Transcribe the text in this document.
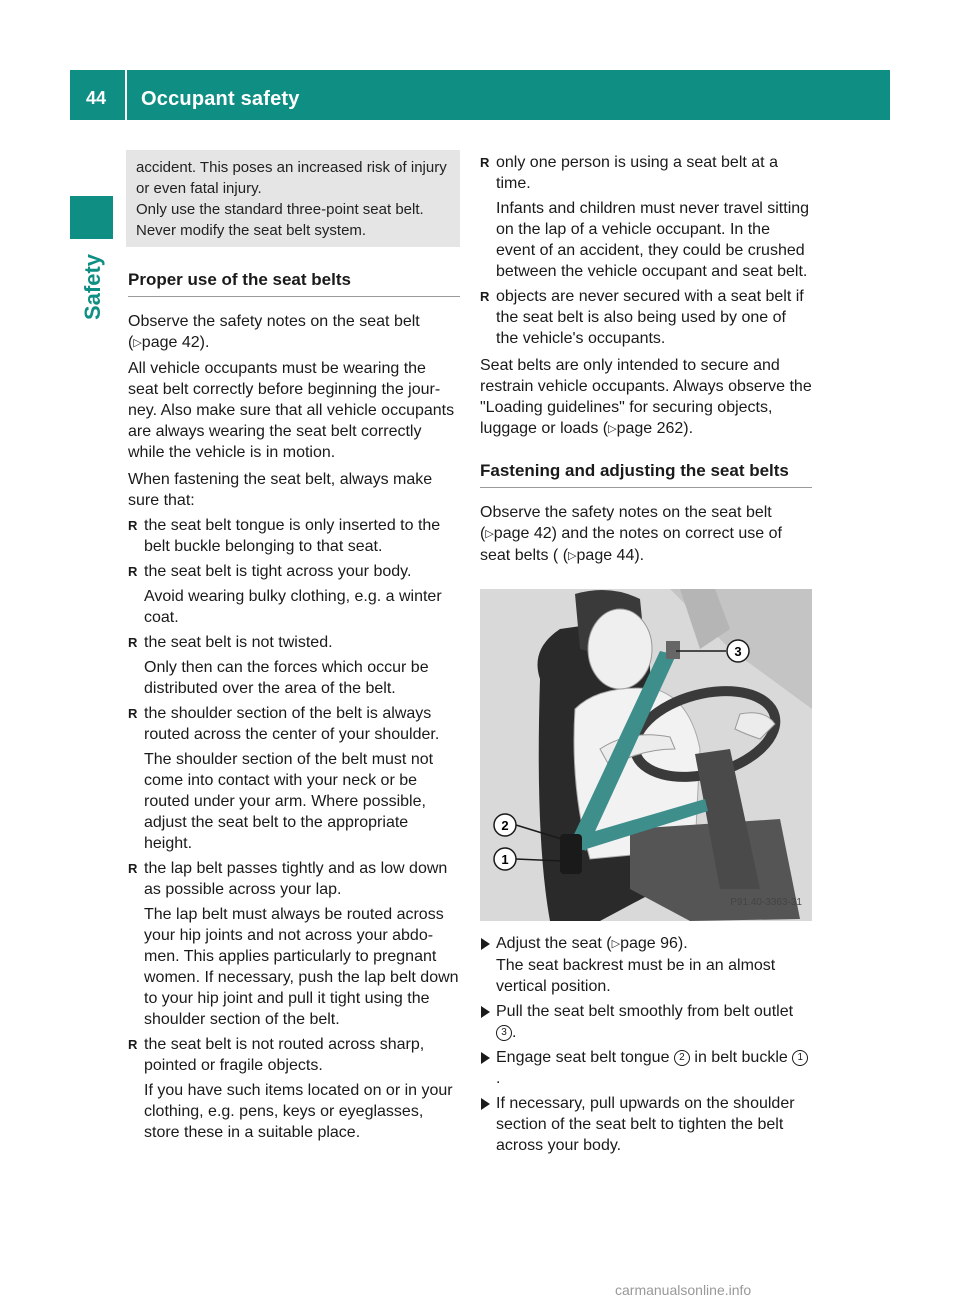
44 Occupant safety
Safety

accident. This poses an increased risk of injury or even fatal injury.

Only use the standard three-point seat belt. Never modify the seat belt system.

Proper use of the seat belts

Observe the safety notes on the seat belt (▷page 42).

All vehicle occupants must be wearing the seat belt correctly before beginning the journey. Also make sure that all vehicle occupants are always wearing the seat belt correctly while the vehicle is in motion.

When fastening the seat belt, always make sure that:

R the seat belt tongue is only inserted to the belt buckle belonging to that seat.
R the seat belt is tight across your body.
Avoid wearing bulky clothing, e.g. a winter coat.
R the seat belt is not twisted.
Only then can the forces which occur be distributed over the area of the belt.
R the shoulder section of the belt is always routed across the center of your shoulder.
The shoulder section of the belt must not come into contact with your neck or be routed under your arm. Where possible, adjust the seat belt to the appropriate height.
R the lap belt passes tightly and as low down as possible across your lap.
The lap belt must always be routed across your hip joints and not across your abdomen. This applies particularly to pregnant women. If necessary, push the lap belt down to your hip joint and pull it tight using the shoulder section of the belt.
R the seat belt is not routed across sharp, pointed or fragile objects.
If you have such items located on or in your clothing, e.g. pens, keys or eyeglasses, store these in a suitable place.
R only one person is using a seat belt at a time.
Infants and children must never travel sitting on the lap of a vehicle occupant. In the event of an accident, they could be crushed between the vehicle occupant and seat belt.
R objects are never secured with a seat belt if the seat belt is also being used by one of the vehicle's occupants.

Seat belts are only intended to secure and restrain vehicle occupants. Always observe the "Loading guidelines" for securing objects, luggage or loads (▷page 262).

Fastening and adjusting the seat belts

Observe the safety notes on the seat belt (▷page 42) and the notes on correct use of seat belts ( (▷page 44).

3
2
1
P91.40-3363-31
Adjust the seat (▷page 96).
The seat backrest must be in an almost vertical position.
Pull the seat belt smoothly from belt outlet 3 .
Engage seat belt tongue 2 in belt buckle 1.
If necessary, pull upwards on the shoulder section of the seat belt to tighten the belt across your body.
carmanualsonline.info
